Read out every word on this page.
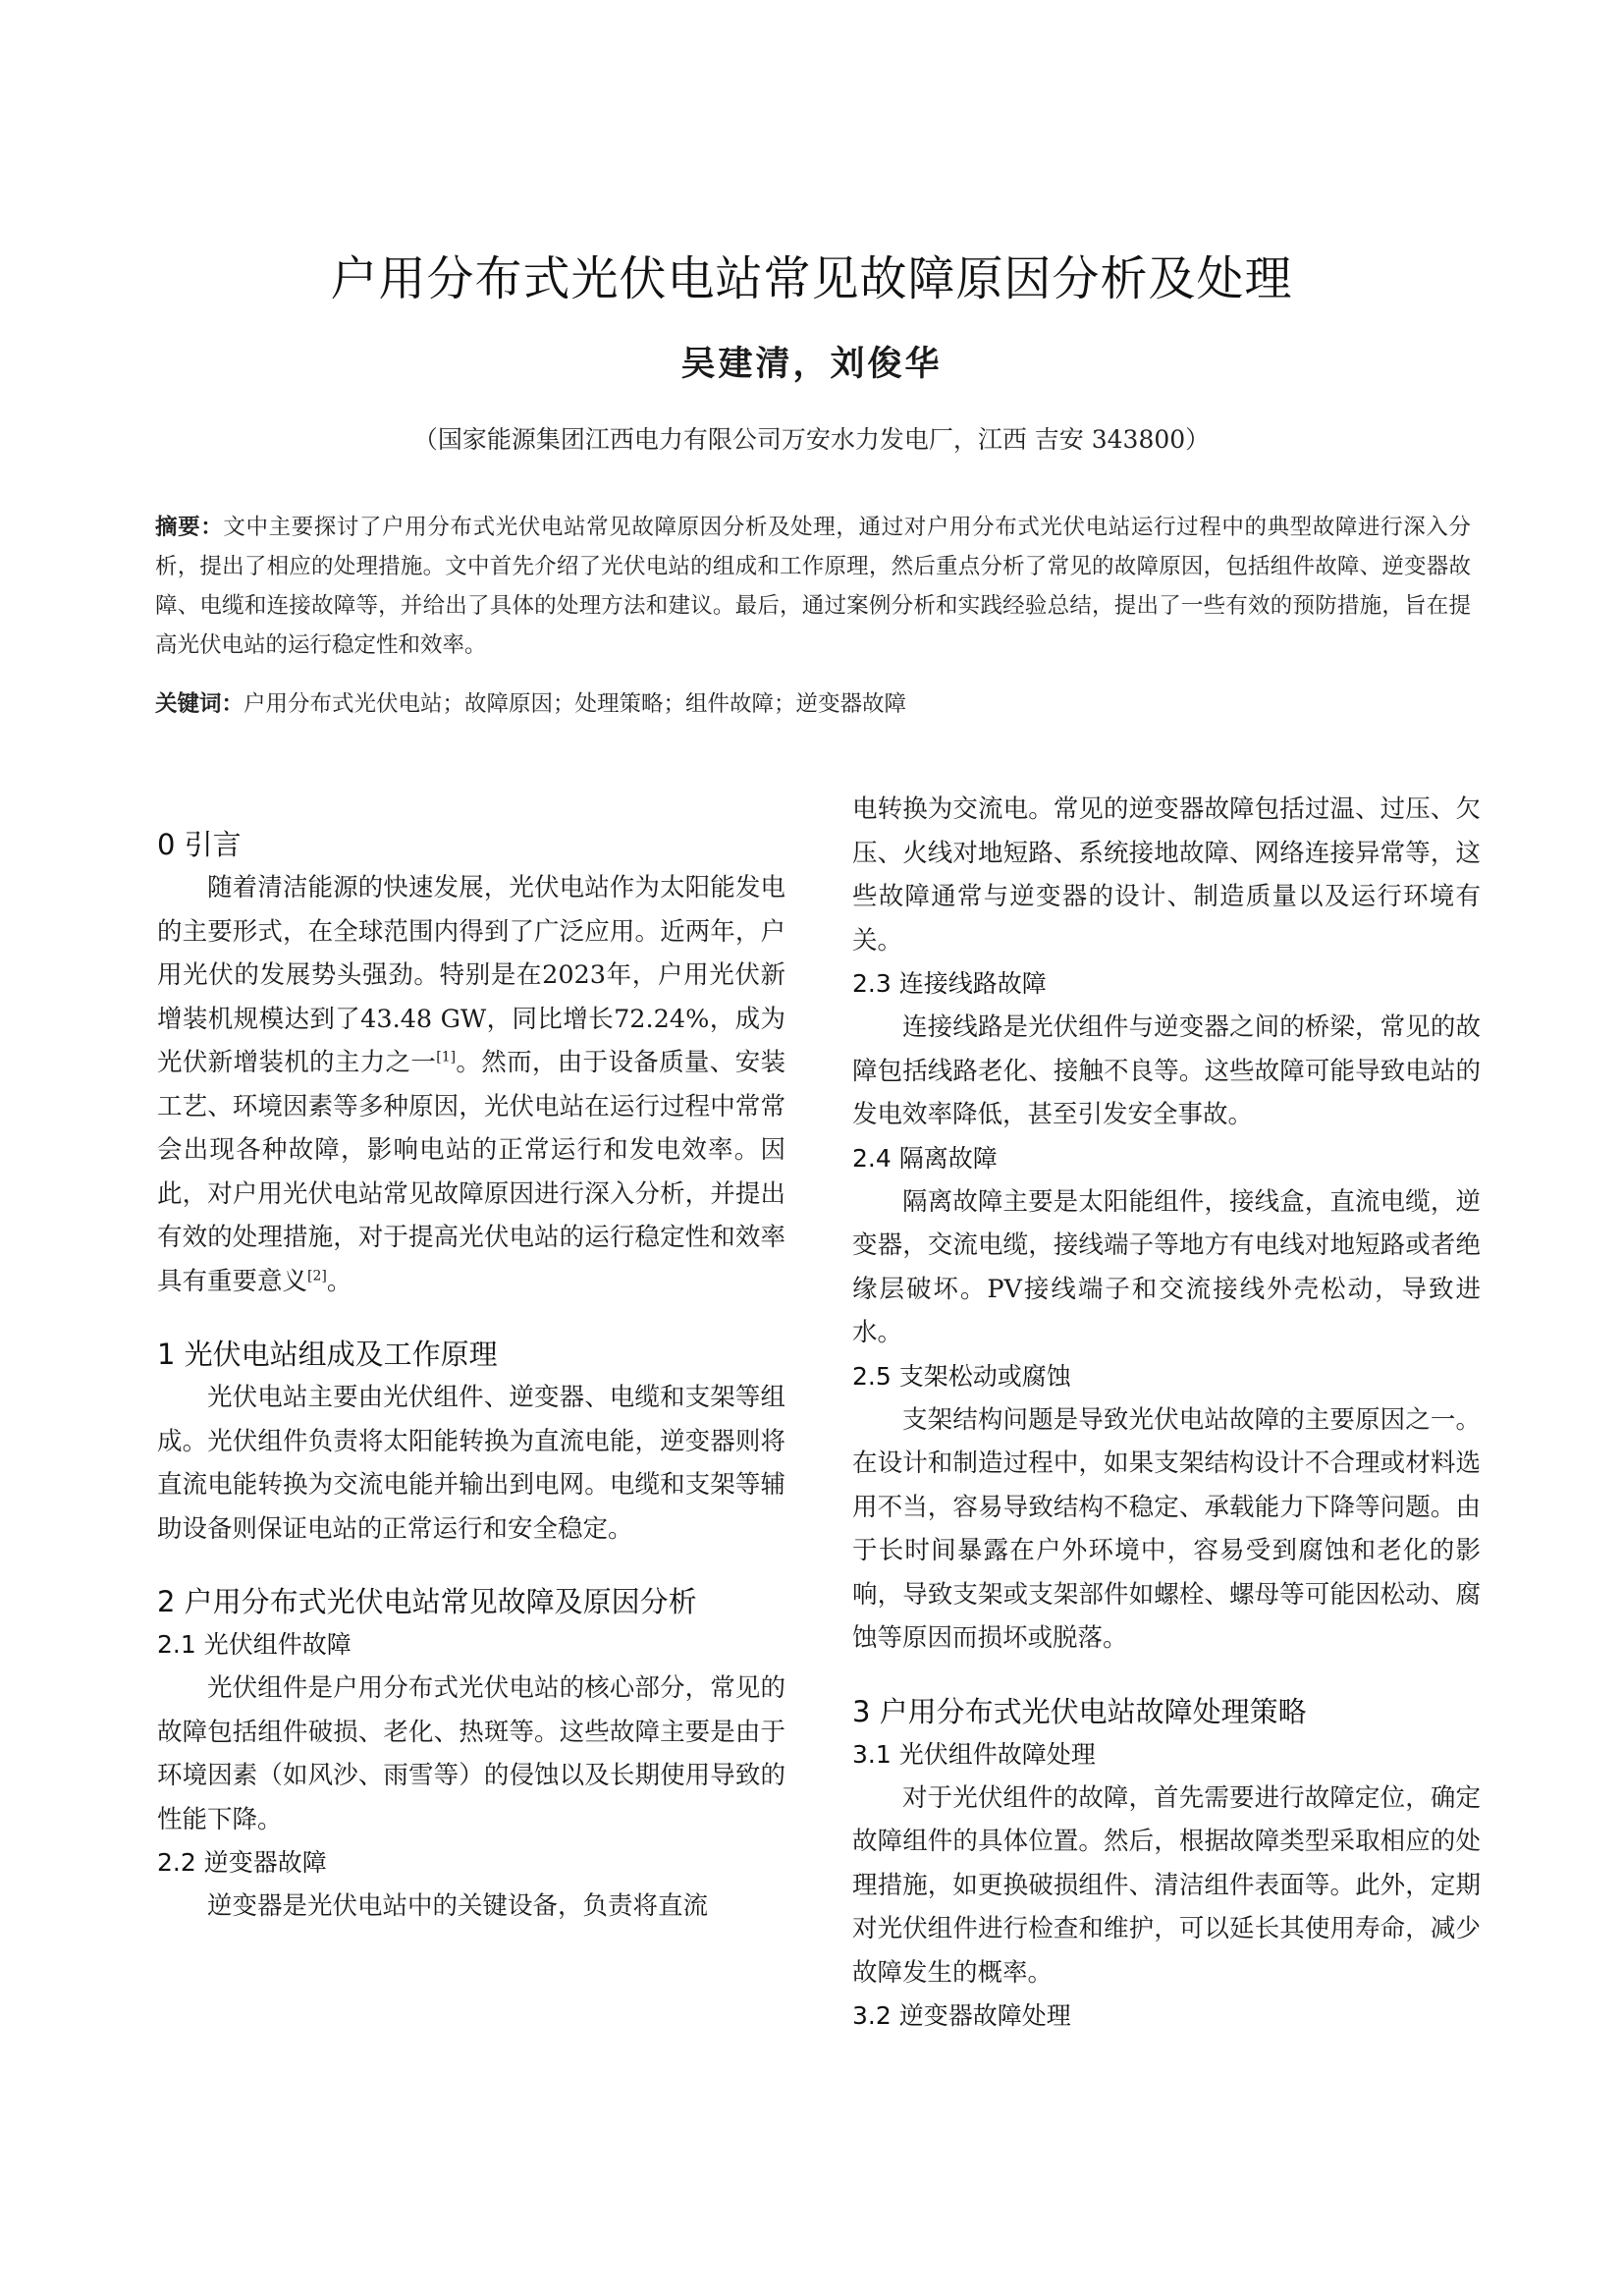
户用分布式光伏电站常见故障原因分析及处理
吴建清，刘俊华
（国家能源集团江西电力有限公司万安水力发电厂，江西 吉安 343800）
摘要：文中主要探讨了户用分布式光伏电站常见故障原因分析及处理，通过对户用分布式光伏电站运行过程中的典型故障进行深入分析，提出了相应的处理措施。文中首先介绍了光伏电站的组成和工作原理，然后重点分析了常见的故障原因，包括组件故障、逆变器故障、电缆和连接故障等，并给出了具体的处理方法和建议。最后，通过案例分析和实践经验总结，提出了一些有效的预防措施，旨在提高光伏电站的运行稳定性和效率。
关键词：户用分布式光伏电站；故障原因；处理策略；组件故障；逆变器故障
0 引言

随着清洁能源的快速发展，光伏电站作为太阳能发电的主要形式，在全球范围内得到了广泛应用。近两年，户用光伏的发展势头强劲。特别是在2023年，户用光伏新增装机规模达到了43.48 GW，同比增长72.24%，成为光伏新增装机的主力之一[1]。然而，由于设备质量、安装工艺、环境因素等多种原因，光伏电站在运行过程中常常会出现各种故障，影响电站的正常运行和发电效率。因此，对户用光伏电站常见故障原因进行深入分析，并提出有效的处理措施，对于提高光伏电站的运行稳定性和效率具有重要意义[2]。

1 光伏电站组成及工作原理

光伏电站主要由光伏组件、逆变器、电缆和支架等组成。光伏组件负责将太阳能转换为直流电能，逆变器则将直流电能转换为交流电能并输出到电网。电缆和支架等辅助设备则保证电站的正常运行和安全稳定。

2 户用分布式光伏电站常见故障及原因分析
2.1 光伏组件故障

光伏组件是户用分布式光伏电站的核心部分，常见的故障包括组件破损、老化、热斑等。这些故障主要是由于环境因素（如风沙、雨雪等）的侵蚀以及长期使用导致的性能下降。

2.2 逆变器故障

逆变器是光伏电站中的关键设备，负责将直流

电转换为交流电。常见的逆变器故障包括过温、过压、欠压、火线对地短路、系统接地故障、网络连接异常等，这些故障通常与逆变器的设计、制造质量以及运行环境有关。

2.3 连接线路故障

连接线路是光伏组件与逆变器之间的桥梁，常见的故障包括线路老化、接触不良等。这些故障可能导致电站的发电效率降低，甚至引发安全事故。

2.4 隔离故障

隔离故障主要是太阳能组件，接线盒，直流电缆，逆变器，交流电缆，接线端子等地方有电线对地短路或者绝缘层破坏。PV接线端子和交流接线外壳松动，导致进水。

2.5 支架松动或腐蚀

支架结构问题是导致光伏电站故障的主要原因之一。在设计和制造过程中，如果支架结构设计不合理或材料选用不当，容易导致结构不稳定、承载能力下降等问题。由于长时间暴露在户外环境中，容易受到腐蚀和老化的影响，导致支架或支架部件如螺栓、螺母等可能因松动、腐蚀等原因而损坏或脱落。

3 户用分布式光伏电站故障处理策略
3.1 光伏组件故障处理

对于光伏组件的故障，首先需要进行故障定位，确定故障组件的具体位置。然后，根据故障类型采取相应的处理措施，如更换破损组件、清洁组件表面等。此外，定期对光伏组件进行检查和维护，可以延长其使用寿命，减少故障发生的概率。

3.2 逆变器故障处理
